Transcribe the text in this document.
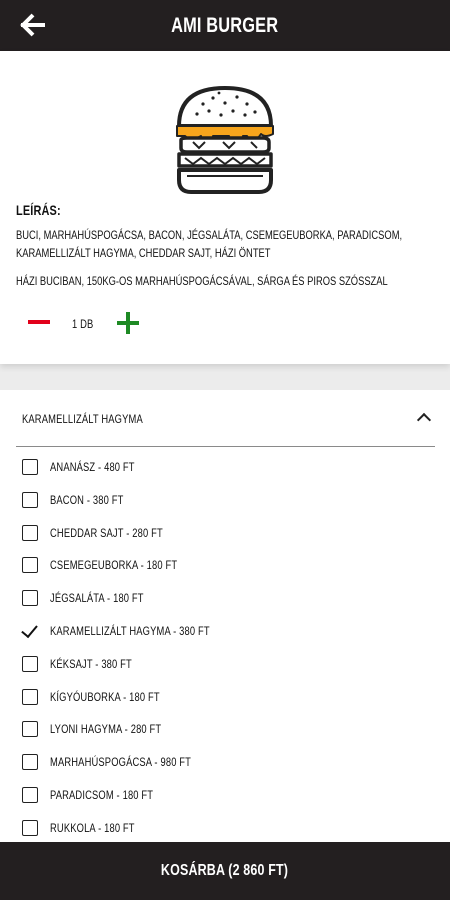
AMI BURGER
LEÍRÁS:
BUCI, MARHAHÚSPOGÁCSA, BACON, JÉGSALÁTA, CSEMEGEUBORKA, PARADICSOM, KARAMELLIZÁLT HAGYMA, CHEDDAR SAJT, HÁZI ÖNTET
HÁZI BUCIBAN, 150KG-OS MARHAHÚSPOGÁCSÁVAL, SÁRGA ÉS PIROS SZÓSSZAL
1 DB
KARAMELLIZÁLT HAGYMA
ANANÁSZ - 480 FT
BACON - 380 FT
CHEDDAR SAJT - 280 FT
CSEMEGEUBORKA - 180 FT
JÉGSALÁTA - 180 FT
KARAMELLIZÁLT HAGYMA - 380 FT
KÉKSAJT - 380 FT
KÍGYÓUBORKA - 180 FT
LYONI HAGYMA - 280 FT
MARHAHÚSPOGÁCSA - 980 FT
PARADICSOM - 180 FT
RUKKOLA - 180 FT
KOSÁRBA (2 860 FT)
